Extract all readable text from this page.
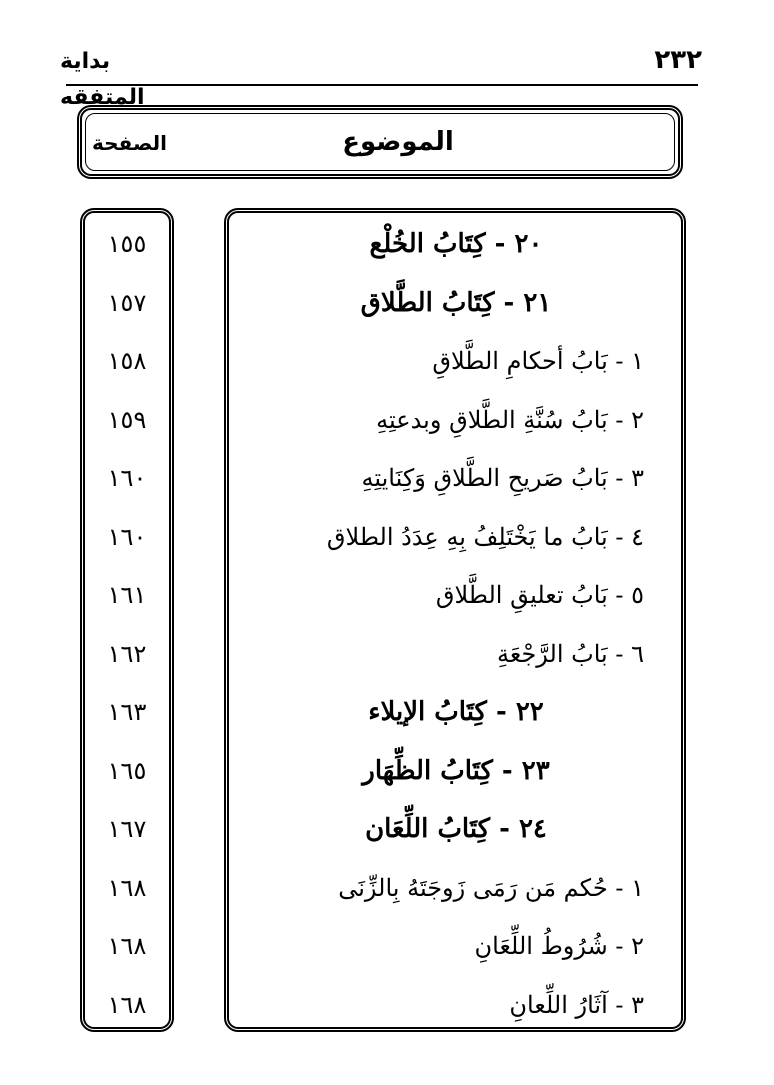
٢٣٢
بداية المتفقه
الموضوع
الصفحة
٢٠ - كِتَابُ الخُلْع
١٥٥
٢١ - كِتَابُ الطَّلاق
١٥٧
١ - بَابُ أحكامِ الطَّلاقِ
١٥٨
٢ - بَابُ سُنَّةِ الطَّلاقِ وبدعتِهِ
١٥٩
٣ - بَابُ صَريحِ الطَّلاقِ وَكِنَايتِهِ
١٦٠
٤ - بَابُ ما يَخْتَلِفُ بِهِ عِدَدُ الطلاق
١٦٠
٥ - بَابُ تعليقِ الطَّلاق
١٦١
٦ - بَابُ الرَّجْعَةِ
١٦٢
٢٢ - كِتَابُ الإيلاء
١٦٣
٢٣ - كِتَابُ الظِّهَار
١٦٥
٢٤ - كِتَابُ اللِّعَان
١٦٧
١ - حُكم مَن رَمَى زَوجَتَهُ بِالزِّنَى
١٦٨
٢ - شُرُوطُ اللِّعَانِ
١٦٨
٣ - آثَارُ اللِّعانِ
١٦٨
